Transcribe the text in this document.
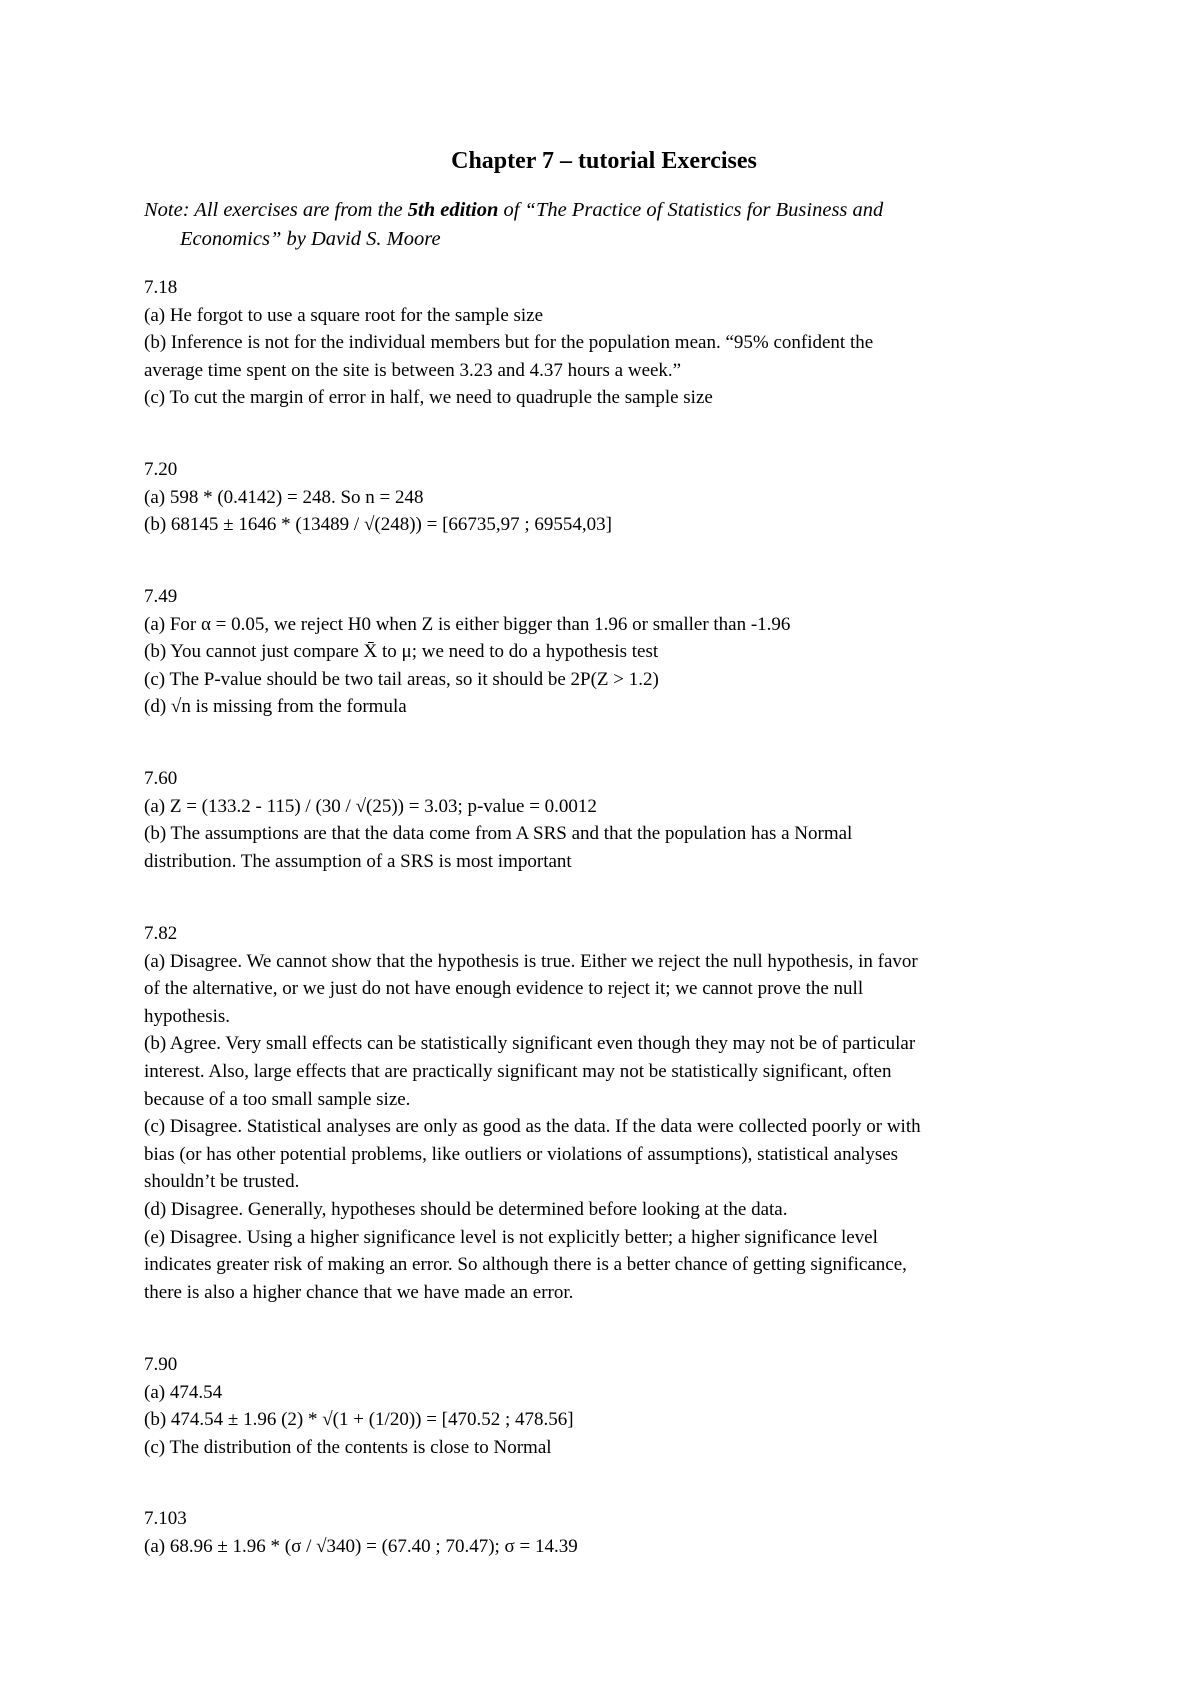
Chapter 7 – tutorial Exercises

Note: All exercises are from the 5th edition of “The Practice of Statistics for Business and
Economics” by David S. Moore

7.18
(a) He forgot to use a square root for the sample size
(b) Inference is not for the individual members but for the population mean. “95% confident the
average time spent on the site is between 3.23 and 4.37 hours a week.”
(c) To cut the margin of error in half, we need to quadruple the sample size
7.20
(a) 598 * (0.4142) = 248. So n = 248
(b) 68145 ± 1646 * (13489 / √(248)) = [66735,97 ; 69554,03]
7.49
(a) For α = 0.05, we reject H0 when Z is either bigger than 1.96 or smaller than -1.96
(b) You cannot just compare X̄ to μ; we need to do a hypothesis test
(c) The P-value should be two tail areas, so it should be 2P(Z > 1.2)
(d) √n is missing from the formula
7.60
(a) Z = (133.2 - 115) / (30 / √(25)) = 3.03; p-value = 0.0012
(b) The assumptions are that the data come from A SRS and that the population has a Normal
distribution. The assumption of a SRS is most important
7.82
(a) Disagree. We cannot show that the hypothesis is true. Either we reject the null hypothesis, in favor
of the alternative, or we just do not have enough evidence to reject it; we cannot prove the null
hypothesis.
(b) Agree. Very small effects can be statistically significant even though they may not be of particular
interest. Also, large effects that are practically significant may not be statistically significant, often
because of a too small sample size.
(c) Disagree. Statistical analyses are only as good as the data. If the data were collected poorly or with
bias (or has other potential problems, like outliers or violations of assumptions), statistical analyses
shouldn’t be trusted.
(d) Disagree. Generally, hypotheses should be determined before looking at the data.
(e) Disagree. Using a higher significance level is not explicitly better; a higher significance level
indicates greater risk of making an error. So although there is a better chance of getting significance,
there is also a higher chance that we have made an error.
7.90
(a) 474.54
(b) 474.54 ± 1.96 (2) * √(1 + (1/20)) = [470.52 ; 478.56]
(c) The distribution of the contents is close to Normal
7.103
(a) 68.96 ± 1.96 * (σ / √340) = (67.40 ; 70.47); σ = 14.39
